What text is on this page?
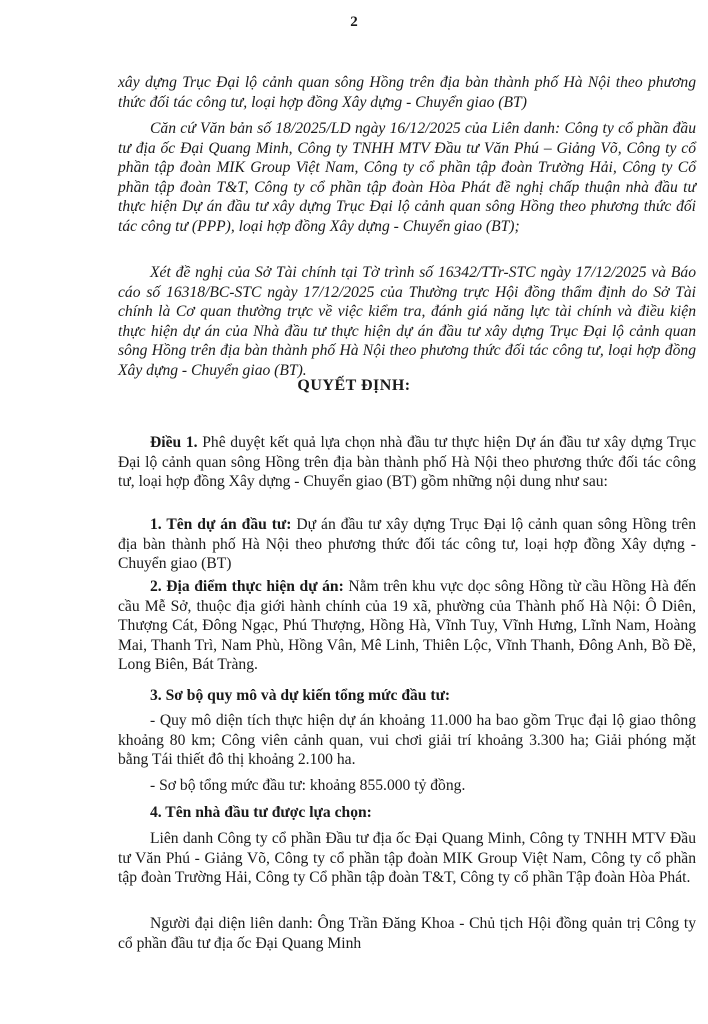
2

xây dựng Trục Đại lộ cảnh quan sông Hồng trên địa bàn thành phố Hà Nội theo phương thức đối tác công tư, loại hợp đồng Xây dựng - Chuyển giao (BT)

Căn cứ Văn bản số 18/2025/LD ngày 16/12/2025 của Liên danh: Công ty cổ phần đầu tư địa ốc Đại Quang Minh, Công ty TNHH MTV Đầu tư Văn Phú – Giảng Võ, Công ty cổ phần tập đoàn MIK Group Việt Nam, Công ty cổ phần tập đoàn Trường Hải, Công ty Cổ phần tập đoàn T&T, Công ty cổ phần tập đoàn Hòa Phát đề nghị chấp thuận nhà đầu tư thực hiện Dự án đầu tư xây dựng Trục Đại lộ cảnh quan sông Hồng theo phương thức đối tác công tư (PPP), loại hợp đồng Xây dựng - Chuyển giao (BT);

Xét đề nghị của Sở Tài chính tại Tờ trình số 16342/TTr-STC ngày 17/12/2025 và Báo cáo số 16318/BC-STC ngày 17/12/2025 của Thường trực Hội đồng thẩm định do Sở Tài chính là Cơ quan thường trực về việc kiểm tra, đánh giá năng lực tài chính và điều kiện thực hiện dự án của Nhà đầu tư thực hiện dự án đầu tư xây dựng Trục Đại lộ cảnh quan sông Hồng trên địa bàn thành phố Hà Nội theo phương thức đối tác công tư, loại hợp đồng Xây dựng - Chuyển giao (BT).

QUYẾT ĐỊNH:

Điều 1. Phê duyệt kết quả lựa chọn nhà đầu tư thực hiện Dự án đầu tư xây dựng Trục Đại lộ cảnh quan sông Hồng trên địa bàn thành phố Hà Nội theo phương thức đối tác công tư, loại hợp đồng Xây dựng - Chuyển giao (BT) gồm những nội dung như sau:

1. Tên dự án đầu tư: Dự án đầu tư xây dựng Trục Đại lộ cảnh quan sông Hồng trên địa bàn thành phố Hà Nội theo phương thức đối tác công tư, loại hợp đồng Xây dựng - Chuyển giao (BT)

2. Địa điểm thực hiện dự án: Nằm trên khu vực dọc sông Hồng từ cầu Hồng Hà đến cầu Mễ Sở, thuộc địa giới hành chính của 19 xã, phường của Thành phố Hà Nội: Ô Diên, Thượng Cát, Đông Ngạc, Phú Thượng, Hồng Hà, Vĩnh Tuy, Vĩnh Hưng, Lĩnh Nam, Hoàng Mai, Thanh Trì, Nam Phù, Hồng Vân, Mê Linh, Thiên Lộc, Vĩnh Thanh, Đông Anh, Bồ Đề, Long Biên, Bát Tràng.

3. Sơ bộ quy mô và dự kiến tổng mức đầu tư:

- Quy mô diện tích thực hiện dự án khoảng 11.000 ha bao gồm Trục đại lộ giao thông khoảng 80 km; Công viên cảnh quan, vui chơi giải trí khoảng 3.300 ha; Giải phóng mặt bằng Tái thiết đô thị khoảng 2.100 ha.

- Sơ bộ tổng mức đầu tư: khoảng 855.000 tỷ đồng.

4. Tên nhà đầu tư được lựa chọn:

Liên danh Công ty cổ phần Đầu tư địa ốc Đại Quang Minh, Công ty TNHH MTV Đầu tư Văn Phú - Giảng Võ, Công ty cổ phần tập đoàn MIK Group Việt Nam, Công ty cổ phần tập đoàn Trường Hải, Công ty Cổ phần tập đoàn T&T, Công ty cổ phần Tập đoàn Hòa Phát.

Người đại diện liên danh: Ông Trần Đăng Khoa - Chủ tịch Hội đồng quản trị Công ty cổ phần đầu tư địa ốc Đại Quang Minh
